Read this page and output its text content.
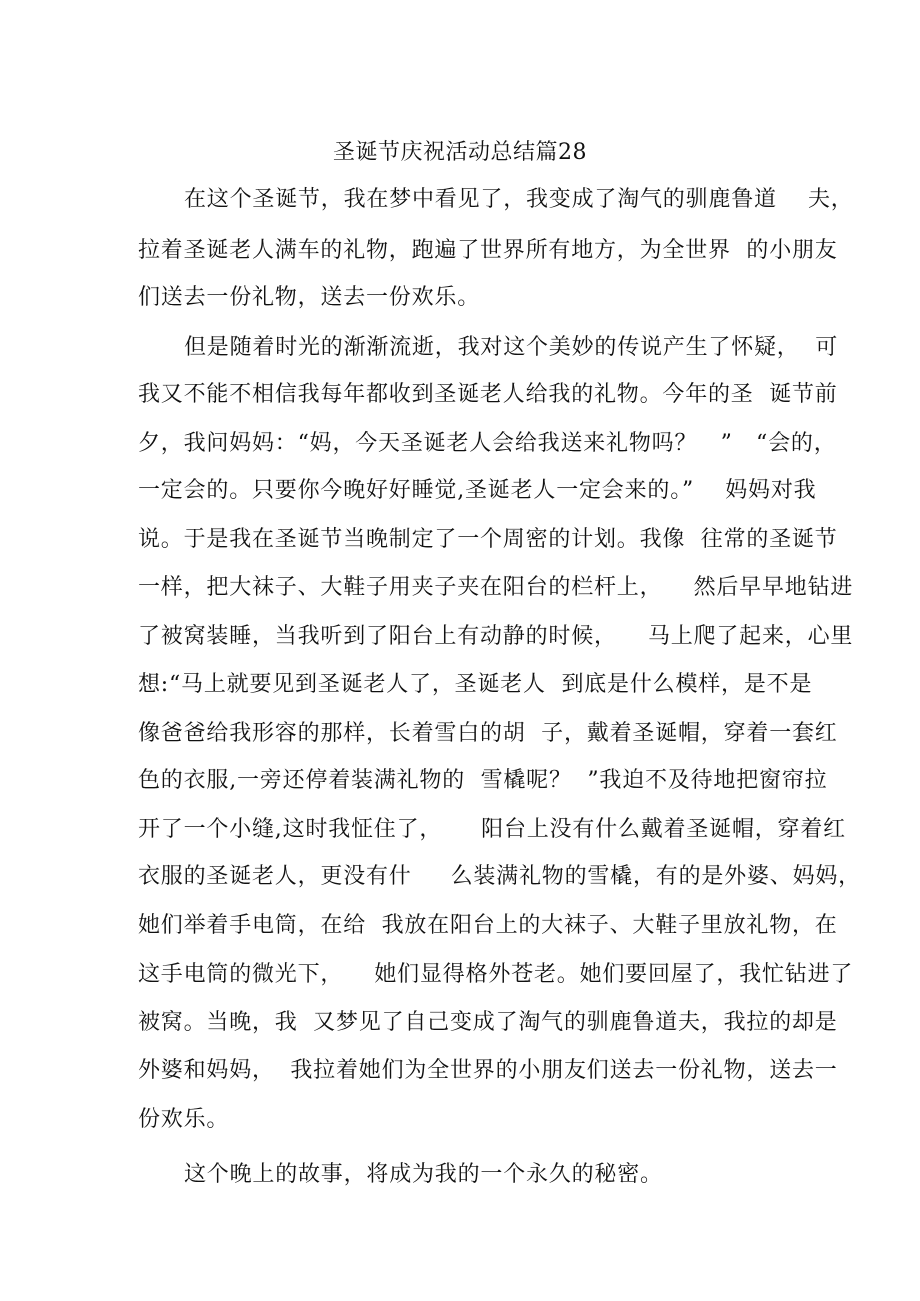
圣诞节庆祝活动总结篇28
在这个圣诞节，我在梦中看见了，我变成了淘气的驯鹿鲁道    夫，
拉着圣诞老人满车的礼物，跑遍了世界所有地方，为全世界  的小朋友
们送去一份礼物，送去一份欢乐。
但是随着时光的渐渐流逝，我对这个美妙的传说产生了怀疑，  可
我又不能不相信我每年都收到圣诞老人给我的礼物。今年的圣  诞节前
夕，我问妈妈：“妈，今天圣诞老人会给我送来礼物吗？   ”   “会的，
一定会的。只要你今晚好好睡觉,圣诞老人一定会来的。”    妈妈对我
说。于是我在圣诞节当晚制定了一个周密的计划。我像  往常的圣诞节
一样，把大袜子、大鞋子用夹子夹在阳台的栏杆上，    然后早早地钻进
了被窝装睡，当我听到了阳台上有动静的时候，    马上爬了起来，心里
想:“马上就要见到圣诞老人了，圣诞老人  到底是什么模样，是不是
像爸爸给我形容的那样，长着雪白的胡  子，戴着圣诞帽，穿着一套红
色的衣服,一旁还停着装满礼物的  雪橇呢？  ”我迫不及待地把窗帘拉
开了一个小缝,这时我怔住了，     阳台上没有什么戴着圣诞帽，穿着红
衣服的圣诞老人，更没有什     么装满礼物的雪橇，有的是外婆、妈妈，
她们举着手电筒，在给  我放在阳台上的大袜子、大鞋子里放礼物，在
这手电筒的微光下，    她们显得格外苍老。她们要回屋了，我忙钻进了
被窝。当晚，我  又梦见了自己变成了淘气的驯鹿鲁道夫，我拉的却是
外婆和妈妈，  我拉着她们为全世界的小朋友们送去一份礼物，送去一
份欢乐。
这个晚上的故事，将成为我的一个永久的秘密。
